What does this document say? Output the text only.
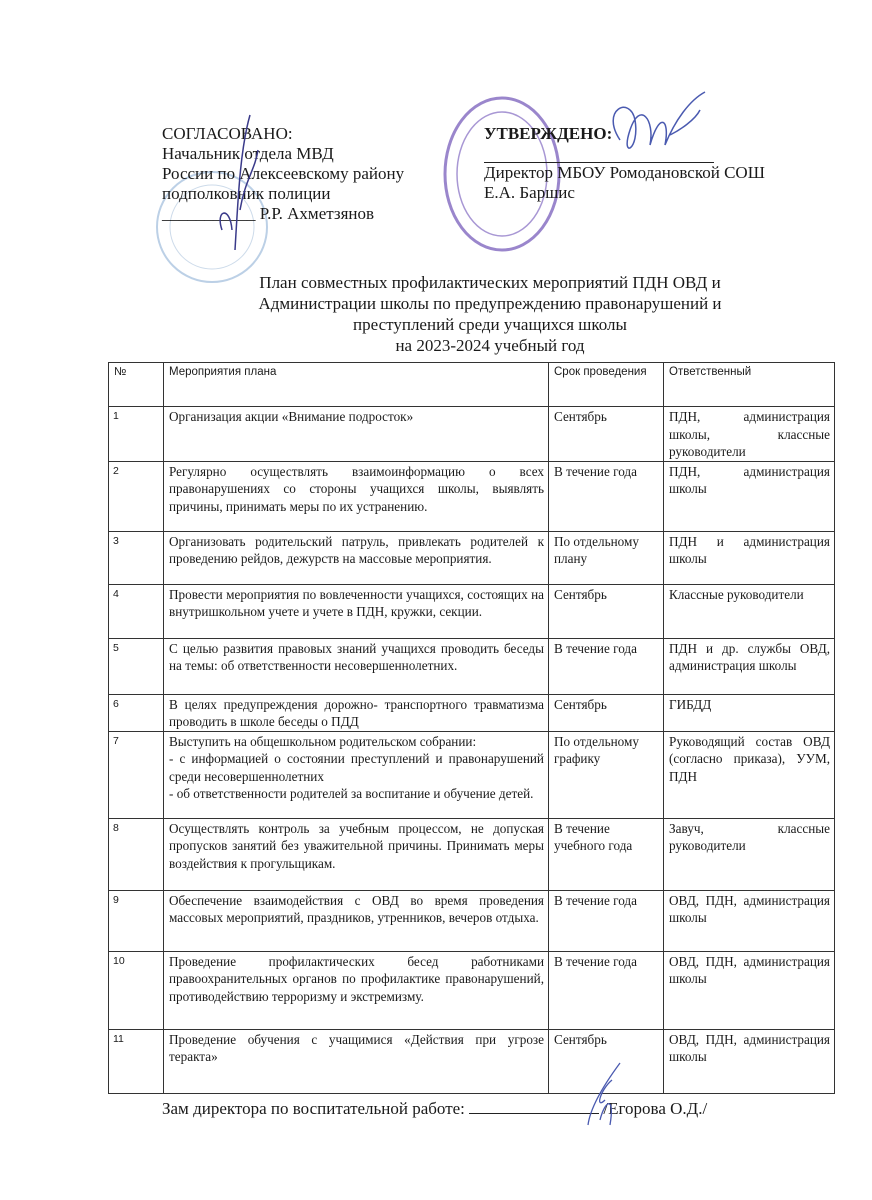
СОГЛАСОВАНО:
Начальник отдела МВД
России по Алексеевскому району
подполковник полиции
___________ Р.Р. Ахметзянов
УТВЕРЖДЕНО:
Директор МБОУ Ромодановской СОШ
Е.А. Баршис
План совместных профилактических мероприятий ПДН ОВД и
Администрации школы по предупреждению правонарушений и
преступлений среди учащихся школы
на 2023-2024 учебный год
№	Мероприятия плана	Срок проведения	Ответственный
1	Организация акции «Внимание подросток»	Сентябрь	ПДН, администрация школы, классные руководители
2	Регулярно осуществлять взаимоинформацию о всех правонарушениях со стороны учащихся школы, выявлять причины, принимать меры по их устранению.	В течение года	ПДН, администрация школы
3	Организовать родительский патруль, привлекать родителей к проведению рейдов, дежурств на массовые мероприятия.	По отдельному плану	ПДН и администрация школы
4	Провести мероприятия по вовлеченности учащихся, состоящих на внутришкольном учете и учете в ПДН, кружки, секции.	Сентябрь	Классные руководители
5	С целью развития правовых знаний учащихся проводить беседы на темы: об ответственности несовершеннолетних.	В течение года	ПДН и др. службы ОВД, администрация школы
6	В целях предупреждения дорожно- транспортного травматизма проводить в школе беседы о ПДД	Сентябрь	ГИБДД
7	Выступить на общешкольном родительском собрании:
- с информацией о состоянии преступлений и правонарушений среди несовершеннолетних
- об ответственности родителей за воспитание и обучение детей.	По отдельному графику	Руководящий состав ОВД (согласно приказа), УУМ, ПДН
8	Осуществлять контроль за учебным процессом, не допуская пропусков занятий без уважительной причины. Принимать меры воздействия к прогульщикам.	В течение учебного года	Завуч, классные руководители
9	Обеспечение взаимодействия с ОВД во время проведения массовых мероприятий, праздников, утренников, вечеров отдыха.	В течение года	ОВД, ПДН, администрация школы
10	Проведение профилактических бесед работниками правоохранительных органов по профилактике правонарушений, противодействию терроризму и экстремизму.	В течение года	ОВД, ПДН, администрация школы
11	Проведение обучения с учащимися «Действия при угрозе теракта»	Сентябрь	ОВД, ПДН, администрация школы
Зам директора по воспитательной работе:	/Егорова О.Д./
